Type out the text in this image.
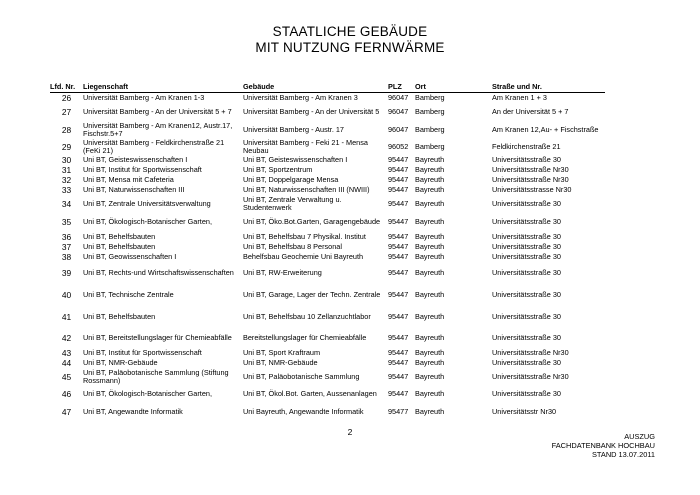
STAATLICHE GEBÄUDE
MIT NUTZUNG FERNWÄRME
Lfd. Nr.	Liegenschaft	Gebäude	PLZ	Ort	Straße und Nr.
26	Universität Bamberg - Am Kranen 1-3	Universität Bamberg - Am Kranen 3	96047	Bamberg	Am Kranen 1 + 3
27	Universität Bamberg - An der Universität 5 + 7	Universität Bamberg - An der Universität 5	96047	Bamberg	An der Universität 5 + 7
28	Universität Bamberg - Am Kranen12, Austr.17, Fischstr.5+7	Universität Bamberg - Austr. 17	96047	Bamberg	Am Kranen 12,Au- + Fischstraße
29	Universität Bamberg - Feldkirchenstraße 21 (FeKi 21)	Universität Bamberg - Feki 21 - Mensa Neubau	96052	Bamberg	Feldkirchenstraße 21
30	Uni BT, Geisteswissenschaften I	Uni BT, Geisteswissenschaften I	95447	Bayreuth	Universitätsstraße 30
31	Uni BT, Institut für Sportwissenschaft	Uni BT, Sportzentrum	95447	Bayreuth	Universitätsstraße Nr30
32	Uni BT, Mensa mit Cafeteria	Uni BT, Doppelgarage Mensa	95447	Bayreuth	Universitätsstraße Nr30
33	Uni BT, Naturwissenschaften III	Uni BT, Naturwissenschaften III (NWIII)	95447	Bayreuth	Universitätsstrasse Nr30
34	Uni BT, Zentrale Universitätsverwaltung	Uni BT, Zentrale Verwaltung u. Studentenwerk	95447	Bayreuth	Universitätsstraße 30
35	Uni BT, Ökologisch-Botanischer Garten,	Uni BT, Öko.Bot.Garten, Garagengebäude	95447	Bayreuth	Universitätsstraße 30
36	Uni BT, Behelfsbauten	Uni BT, Behelfsbau 7 Physikal. Institut	95447	Bayreuth	Universitätsstraße 30
37	Uni BT, Behelfsbauten	Uni BT, Behelfsbau 8 Personal	95447	Bayreuth	Universitätsstraße 30
38	Uni BT, Geowissenschaften I	Behelfsbau Geochemie Uni Bayreuth	95447	Bayreuth	Universitätsstraße 30
39	Uni BT, Rechts-und Wirtschaftswissenschaften	Uni BT, RW-Erweiterung	95447	Bayreuth	Universitätsstraße 30
40	Uni BT, Technische Zentrale	Uni BT, Garage, Lager der Techn. Zentrale	95447	Bayreuth	Universitätsstraße 30
41	Uni BT, Behelfsbauten	Uni BT, Behelfsbau 10 Zellanzuchtlabor	95447	Bayreuth	Universitätsstraße 30
42	Uni BT, Bereitstellungslager für Chemieabfälle	Bereitstellungslager für Chemieabfälle	95447	Bayreuth	Universitätsstraße 30
43	Uni BT, Institut für Sportwissenschaft	Uni BT, Sport Kraftraum	95447	Bayreuth	Universitätsstraße Nr30
44	Uni BT, NMR-Gebäude	Uni BT, NMR-Gebäude	95447	Bayreuth	Universitätsstraße 30
45	Uni BT, Paläobotanische Sammlung (Stiftung Rossmann)	Uni BT, Paläobotanische Sammlung	95447	Bayreuth	Universitätsstraße Nr30
46	Uni BT, Ökologisch-Botanischer Garten,	Uni BT, Ökol.Bot. Garten, Aussenanlagen	95447	Bayreuth	Universitätsstraße 30
47	Uni BT, Angewandte Informatik	Uni Bayreuth, Angewandte Informatik	95477	Bayreuth	Universitätsstr Nr30
2	AUSZUG
FACHDATENBANK HOCHBAU
STAND 13.07.2011
